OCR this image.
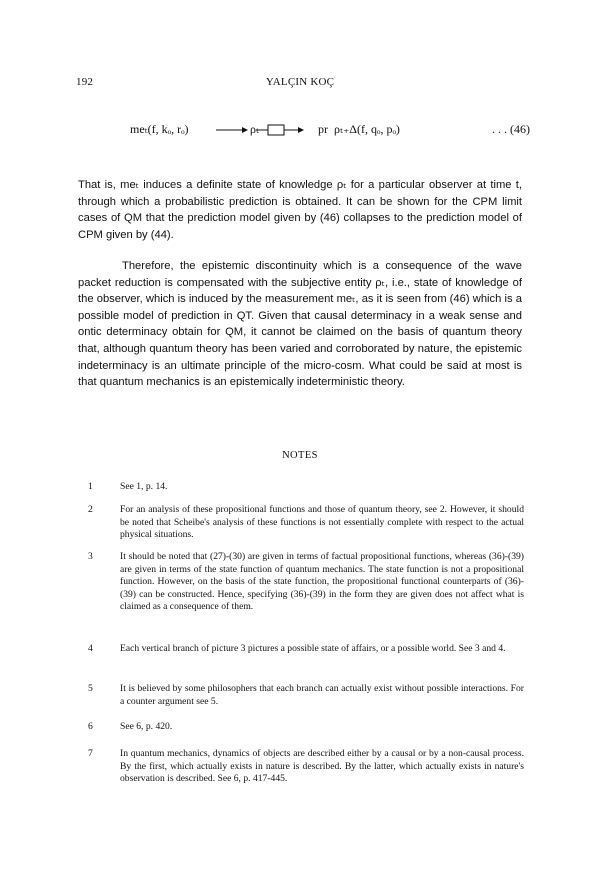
192	YALÇIN KOÇ
meₜ(f, kₒ, rₒ)	ρₜ	pr ρₜ₊Δ(f, qₒ, pₒ)	. . . (46)

That is, meₜ induces a definite state of knowledge ρₜ for a particular observer at time t, through which a probabilistic prediction is obtained. It can be shown for the CPM limit cases of QM that the prediction model given by (46) collapses to the prediction model of CPM given by (44).

Therefore, the epistemic discontinuity which is a consequence of the wave packet reduction is compensated with the subjective entity ρₜ, i.e., state of knowledge of the observer, which is induced by the measurement meₜ, as it is seen from (46) which is a possible model of prediction in QT. Given that causal determinacy in a weak sense and ontic determinacy obtain for QM, it cannot be claimed on the basis of quantum theory that, although quantum theory has been varied and corroborated by nature, the epistemic indeterminacy is an ultimate principle of the micro-cosm. What could be said at most is that quantum mechanics is an epistemically indeterministic theory.

NOTES
1	See 1, p. 14.
2	For an analysis of these propositional functions and those of quantum theory, see 2. However, it should be noted that Scheibe's analysis of these functions is not essentially complete with respect to the actual physical situations.
3	It should be noted that (27)-(30) are given in terms of factual propositional functions, whereas (36)-(39) are given in terms of the state function of quantum mechanics. The state function is not a propositional function. However, on the basis of the state function, the propositional functional counterparts of (36)-(39) can be constructed. Hence, specifying (36)-(39) in the form they are given does not affect what is claimed as a consequence of them.
4	Each vertical branch of picture 3 pictures a possible state of affairs, or a possible world. See 3 and 4.
5	It is believed by some philosophers that each branch can actually exist without possible interactions. For a counter argument see 5.
6	See 6, p. 420.
7	In quantum mechanics, dynamics of objects are described either by a causal or by a non-causal process. By the first, which actually exists in nature is described. By the latter, which actually exists in nature's observation is described. See 6, p. 417-445.
